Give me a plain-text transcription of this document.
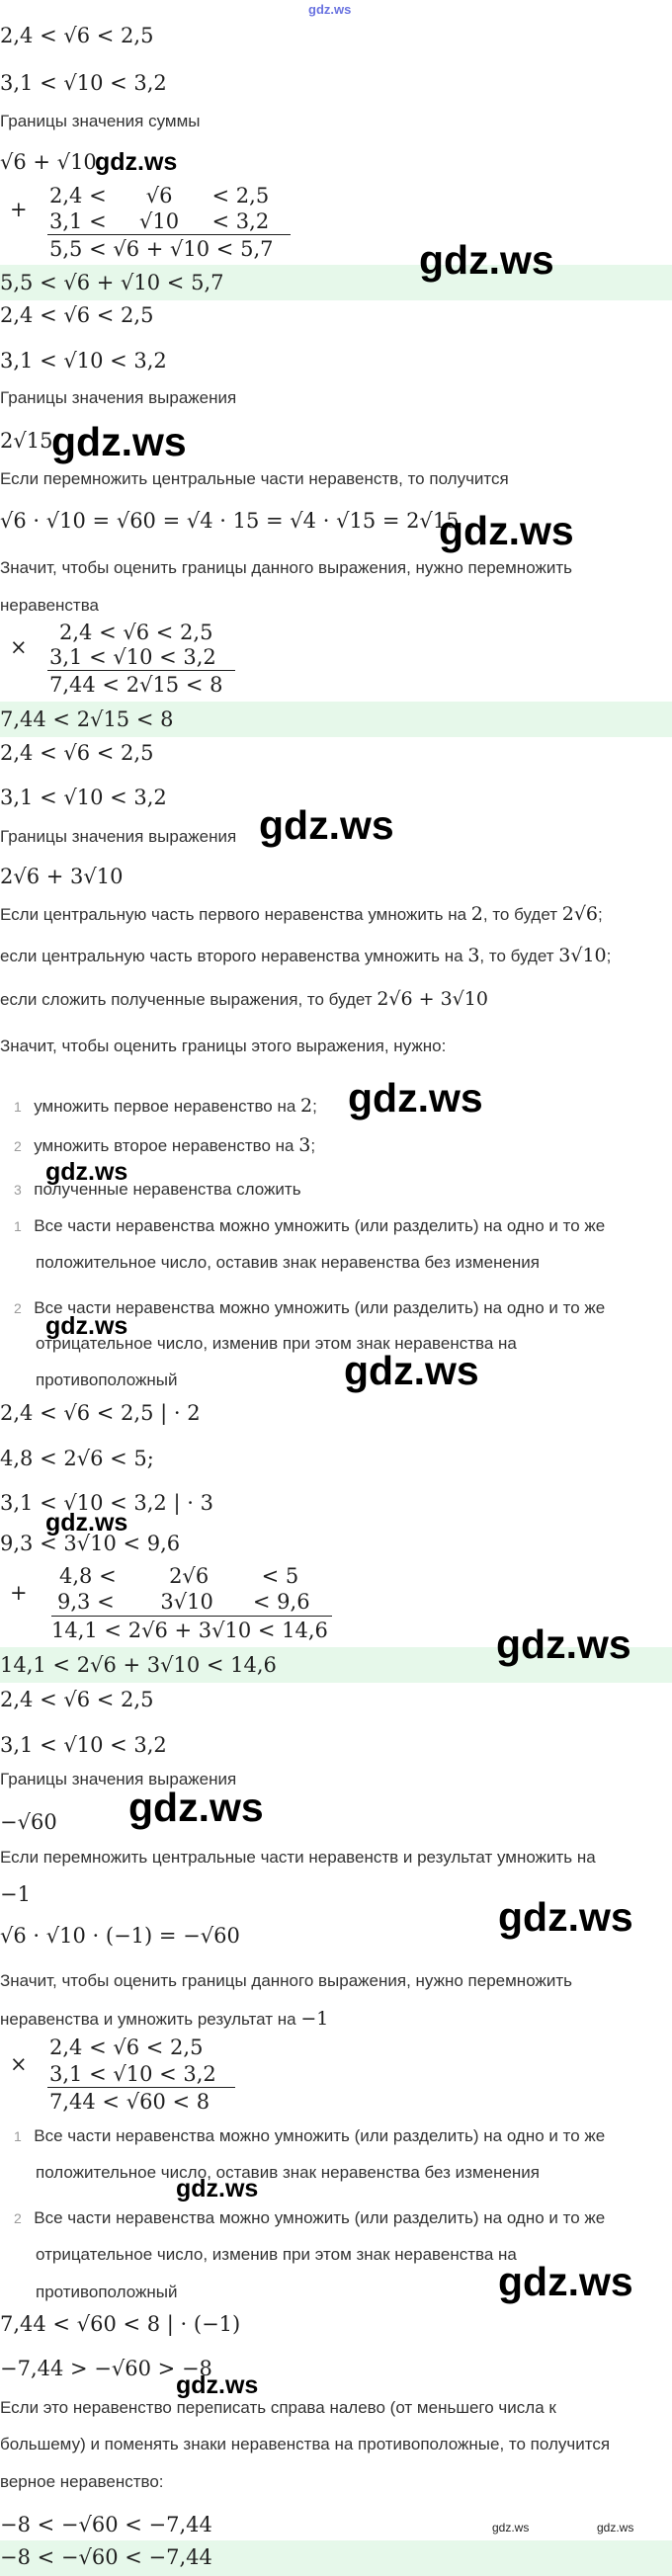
gdz.ws
2,4 < √6 < 2,5
3,1 < √10 < 3,2
Границы значения суммы
√6 + √10
gdz.ws
+
2,4 <      √6      < 2,5
3,1 <     √10     < 3,2
5,5 < √6 + √10 < 5,7
5,5 < √6 + √10 < 5,7	gdz.ws
2,4 < √6 < 2,5
3,1 < √10 < 3,2
Границы значения выражения
2√15
gdz.ws
Если перемножить центральные части неравенств, то получится
√6 · √10 = √60 = √4 · 15 = √4 · √15 = 2√15
gdz.ws
Значит, чтобы оценить границы данного выражения, нужно перемножить
неравенства
×
2,4 < √6 < 2,5
3,1 < √10 < 3,2
7,44 < 2√15 < 8
7,44 < 2√15 < 8
2,4 < √6 < 2,5
3,1 < √10 < 3,2
Границы значения выражения gdz.ws
2√6 + 3√10
Если центральную часть первого неравенства умножить на 2, то будет 2√6;
если центральную часть второго неравенства умножить на 3, то будет 3√10;
если сложить полученные выражения, то будет 2√6 + 3√10
Значит, чтобы оценить границы этого выражения, нужно:
1 умножить первое неравенство на 2; gdz.ws
2 умножить второе неравенство на 3;
gdz.ws
3 полученные неравенства сложить
1 Все части неравенства можно умножить (или разделить) на одно и то же
положительное число, оставив знак неравенства без изменения
2 Все части неравенства можно умножить (или разделить) на одно и то же
gdz.ws
отрицательное число, изменив при этом знак неравенства на
противоположный	gdz.ws
2,4 < √6 < 2,5 | · 2
4,8 < 2√6 < 5;
3,1 < √10 < 3,2 | · 3
gdz.ws
9,3 < 3√10 < 9,6
+
4,8 <        2√6        < 5
9,3 <       3√10      < 9,6
14,1 < 2√6 + 3√10 < 14,6
14,1 < 2√6 + 3√10 < 14,6	gdz.ws
2,4 < √6 < 2,5
3,1 < √10 < 3,2
Границы значения выражения
−√60 gdz.ws
Если перемножить центральные части неравенств и результат умножить на
−1
√6 · √10 · (−1) = −√60	gdz.ws
Значит, чтобы оценить границы данного выражения, нужно перемножить
неравенства и умножить результат на −1
×
2,4 < √6 < 2,5
3,1 < √10 < 3,2
7,44 < √60 < 8
1 Все части неравенства можно умножить (или разделить) на одно и то же
положительное число, оставив знак неравенства без изменения
gdz.ws
2 Все части неравенства можно умножить (или разделить) на одно и то же
отрицательное число, изменив при этом знак неравенства на
противоположный	gdz.ws
7,44 < √60 < 8 | · (−1)
−7,44 > −√60 > −8
gdz.ws
Если это неравенство переписать справа налево (от меньшего числа к
большему) и поменять знаки неравенства на противоположные, то получится
верное неравенство:
−8 < −√60 < −7,44	gdz.ws	gdz.ws
−8 < −√60 < −7,44
